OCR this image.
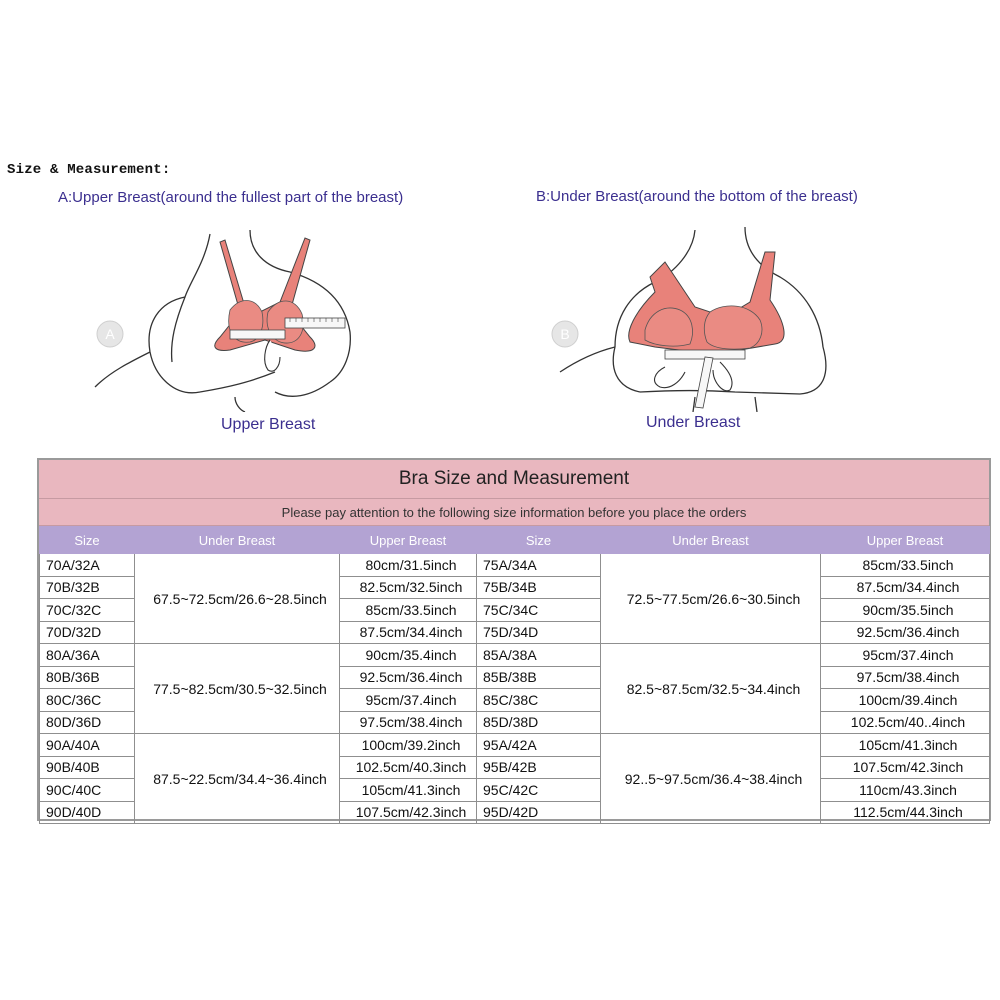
Size & Measurement:
A:Upper Breast(around the fullest part of the breast)	B:Under Breast(around the bottom of the breast)
A
Upper Breast
B
Under Breast
Bra Size and Measurement
Please pay attention to the following size information before you place the orders
Size	Under Breast	Upper Breast	Size	Under Breast	Upper Breast
70A/32A	67.5~72.5cm/26.6~28.5inch	80cm/31.5inch	75A/34A	72.5~77.5cm/26.6~30.5inch	85cm/33.5inch
70B/32B		82.5cm/32.5inch	75B/34B		87.5cm/34.4inch
70C/32C		85cm/33.5inch	75C/34C		90cm/35.5inch
70D/32D		87.5cm/34.4inch	75D/34D		92.5cm/36.4inch
80A/36A	77.5~82.5cm/30.5~32.5inch	90cm/35.4inch	85A/38A	82.5~87.5cm/32.5~34.4inch	95cm/37.4inch
80B/36B		92.5cm/36.4inch	85B/38B		97.5cm/38.4inch
80C/36C		95cm/37.4inch	85C/38C		100cm/39.4inch
80D/36D		97.5cm/38.4inch	85D/38D		102.5cm/40..4inch
90A/40A	87.5~22.5cm/34.4~36.4inch	100cm/39.2inch	95A/42A	92..5~97.5cm/36.4~38.4inch	105cm/41.3inch
90B/40B		102.5cm/40.3inch	95B/42B		107.5cm/42.3inch
90C/40C		105cm/41.3inch	95C/42C		110cm/43.3inch
90D/40D		107.5cm/42.3inch	95D/42D		112.5cm/44.3inch
